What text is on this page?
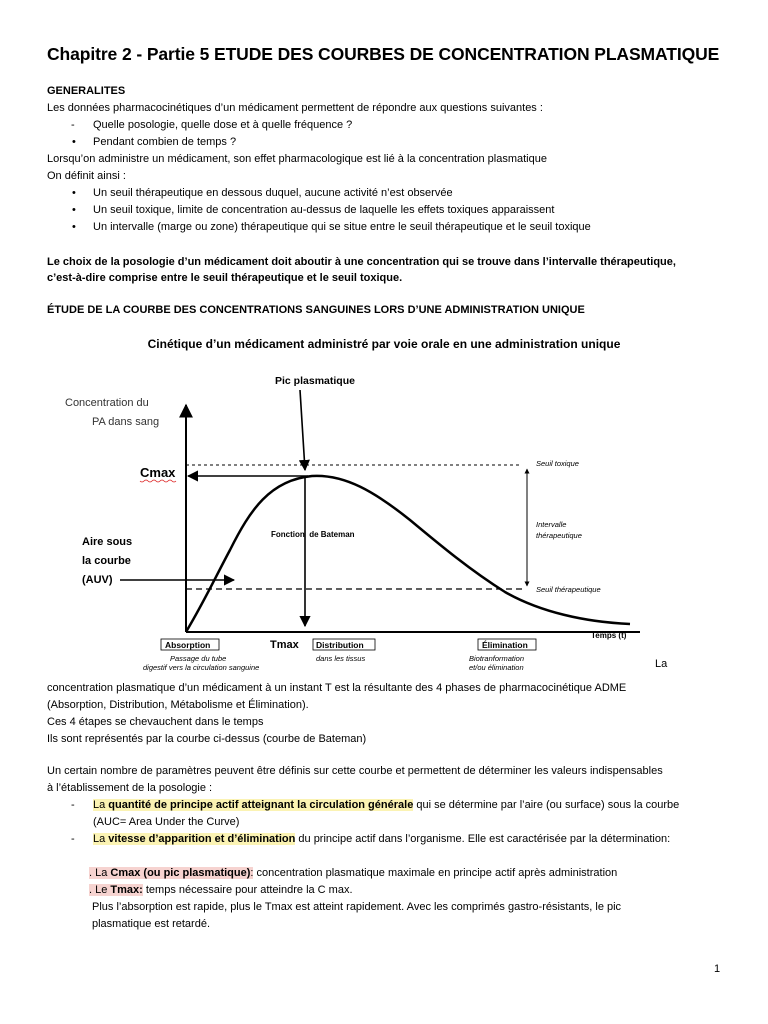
Chapitre 2 - Partie 5 ETUDE DES COURBES DE CONCENTRATION PLASMATIQUE
GENERALITES
Les données pharmacocinétiques d’un médicament permettent de répondre aux questions suivantes :
- Quelle posologie, quelle dose et à quelle fréquence ?
• Pendant combien de temps ?
Lorsqu’on administre un médicament, son effet pharmacologique est lié à la concentration plasmatique
On définit ainsi :
• Un seuil thérapeutique en dessous duquel, aucune activité n’est observée
• Un seuil toxique, limite de concentration au-dessus de laquelle les effets toxiques apparaissent
• Un intervalle (marge ou zone) thérapeutique qui se situe entre le seuil thérapeutique et le seuil toxique
Le choix de la posologie d’un médicament doit aboutir à une concentration qui se trouve dans l’intervalle thérapeutique,
c’est-à-dire comprise entre le seuil thérapeutique et le seuil toxique.
ÉTUDE DE LA COURBE DES CONCENTRATIONS SANGUINES LORS D’UNE ADMINISTRATION UNIQUE
Cinétique d’un médicament administré par voie orale en une administration unique
Concentration du
PA dans sang
Cmax
Pic plasmatique
Aire sous
la courbe
(AUV)
Fonction  de Bateman
Seuil toxique
Intervalle
thérapeutique
Seuil thérapeutique
Temps (t)
Tmax
Absorption
Passage du tube
digestif vers la circulation sanguine
Distribution
dans les tissus
Élimination
Biotranformation
et/ou élimination	La
concentration plasmatique d’un médicament à un instant T est la résultante des 4 phases de pharmacocinétique ADME
(Absorption, Distribution, Métabolisme et Élimination).
Ces 4 étapes se chevauchent dans le temps
Ils sont représentés par la courbe ci-dessus (courbe de Bateman)
Un certain nombre de paramètres peuvent être définis sur cette courbe et permettent de déterminer les valeurs indispensables
à l’établissement de la posologie :
- La quantité de principe actif atteignant la circulation générale qui se détermine par l’aire (ou surface) sous la courbe
(AUC= Area Under the Curve)
- La vitesse d’apparition et d’élimination du principe actif dans l’organisme. Elle est caractérisée par la détermination:
. La Cmax (ou pic plasmatique): concentration plasmatique maximale en principe actif après administration
. Le Tmax: temps nécessaire pour atteindre la C max.
Plus l’absorption est rapide, plus le Tmax est atteint rapidement. Avec les comprimés gastro-résistants, le pic
plasmatique est retardé.
1
